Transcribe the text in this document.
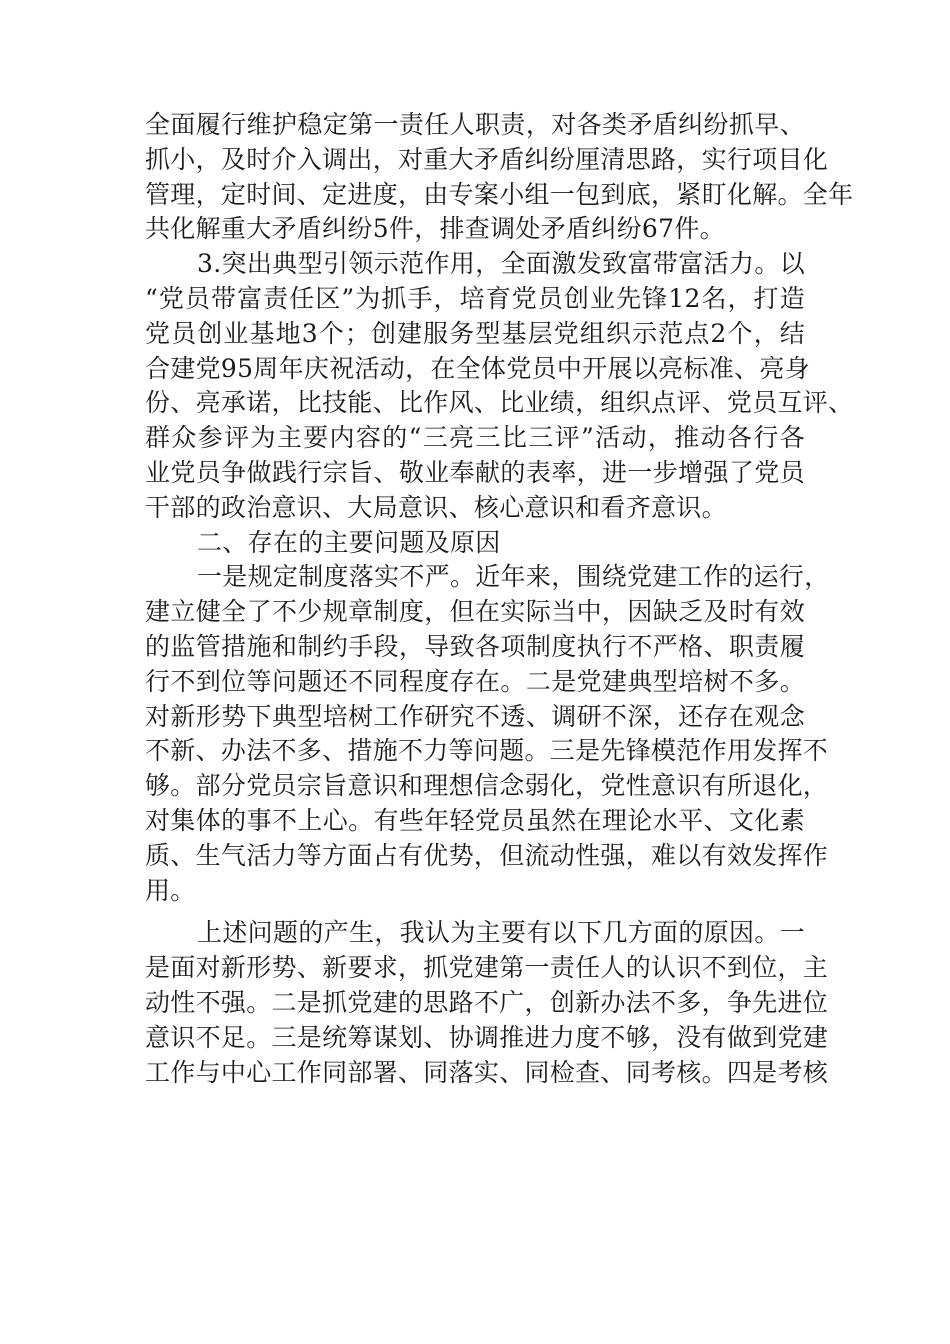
全面履行维护稳定第一责任人职责，对各类矛盾纠纷抓早、
抓小，及时介入调出，对重大矛盾纠纷厘清思路，实行项目化
管理，定时间、定进度，由专案小组一包到底，紧盯化解。全年
共化解重大矛盾纠纷5件，排查调处矛盾纠纷67件。
3.突出典型引领示范作用，全面激发致富带富活力。以
“党员带富责任区”为抓手，培育党员创业先锋12名，打造
党员创业基地3个；创建服务型基层党组织示范点2个，结
合建党95周年庆祝活动，在全体党员中开展以亮标准、亮身
份、亮承诺，比技能、比作风、比业绩，组织点评、党员互评、
群众参评为主要内容的“三亮三比三评”活动，推动各行各
业党员争做践行宗旨、敬业奉献的表率，进一步增强了党员
干部的政治意识、大局意识、核心意识和看齐意识。
二、存在的主要问题及原因
一是规定制度落实不严。近年来，围绕党建工作的运行，
建立健全了不少规章制度，但在实际当中，因缺乏及时有效
的监管措施和制约手段，导致各项制度执行不严格、职责履
行不到位等问题还不同程度存在。二是党建典型培树不多。
对新形势下典型培树工作研究不透、调研不深，还存在观念
不新、办法不多、措施不力等问题。三是先锋模范作用发挥不
够。部分党员宗旨意识和理想信念弱化，党性意识有所退化，
对集体的事不上心。有些年轻党员虽然在理论水平、文化素
质、生气活力等方面占有优势，但流动性强，难以有效发挥作
用。
上述问题的产生，我认为主要有以下几方面的原因。一
是面对新形势、新要求，抓党建第一责任人的认识不到位，主
动性不强。二是抓党建的思路不广，创新办法不多，争先进位
意识不足。三是统筹谋划、协调推进力度不够，没有做到党建
工作与中心工作同部署、同落实、同检查、同考核。四是考核
